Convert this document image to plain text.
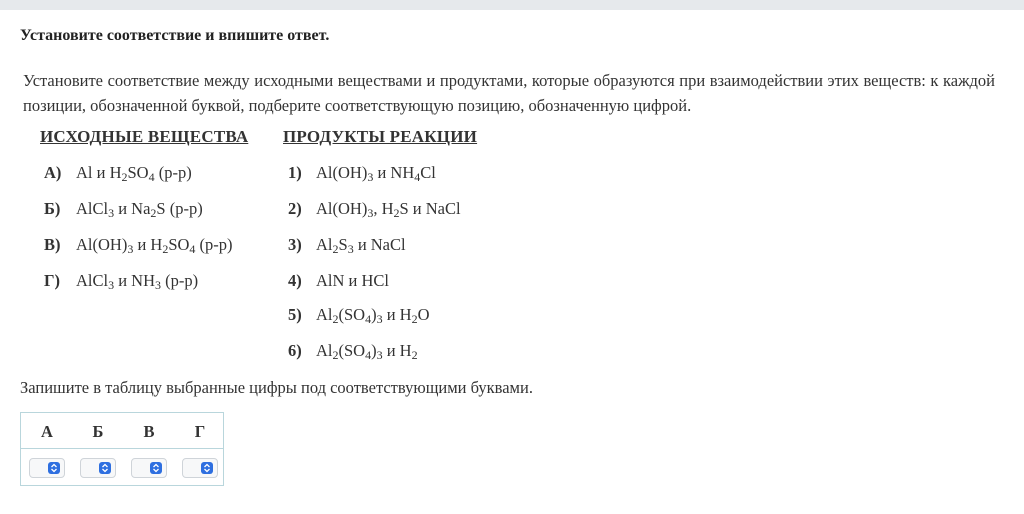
Установите соответствие и впишите ответ.
Установите соответствие между исходными веществами и продуктами, которые образуются при взаимодействии этих веществ: к каждой позиции, обозначенной буквой, подберите соответствующую позицию, обозначенную цифрой.
ИСХОДНЫЕ ВЕЩЕСТВА ПРОДУКТЫ РЕАКЦИИ
А) Al и $H_2SO_4$ (р-р)
Б) AlCl$_3$ и $Na_2S$ (р-р)
В) $Al(OH)_3$ и $H_2SO_4$ (р-р)
Г) AlCl$_3$ и $NH_3$ (р-р)
1) $Al(OH)_3$ и $NH_4Cl$
2) $Al(OH)_3$, $H_2S$ и NaCl
3) $Al_2S_3$ и NaCl
4) AlN и HCl
5) $Al_2(SO_4)_3$ и $H_2O$
6) $Al_2(SO_4)_3$ и $H_2$
Запишите в таблицу выбранные цифры под соответствующими буквами.
А	Б	В	Г
